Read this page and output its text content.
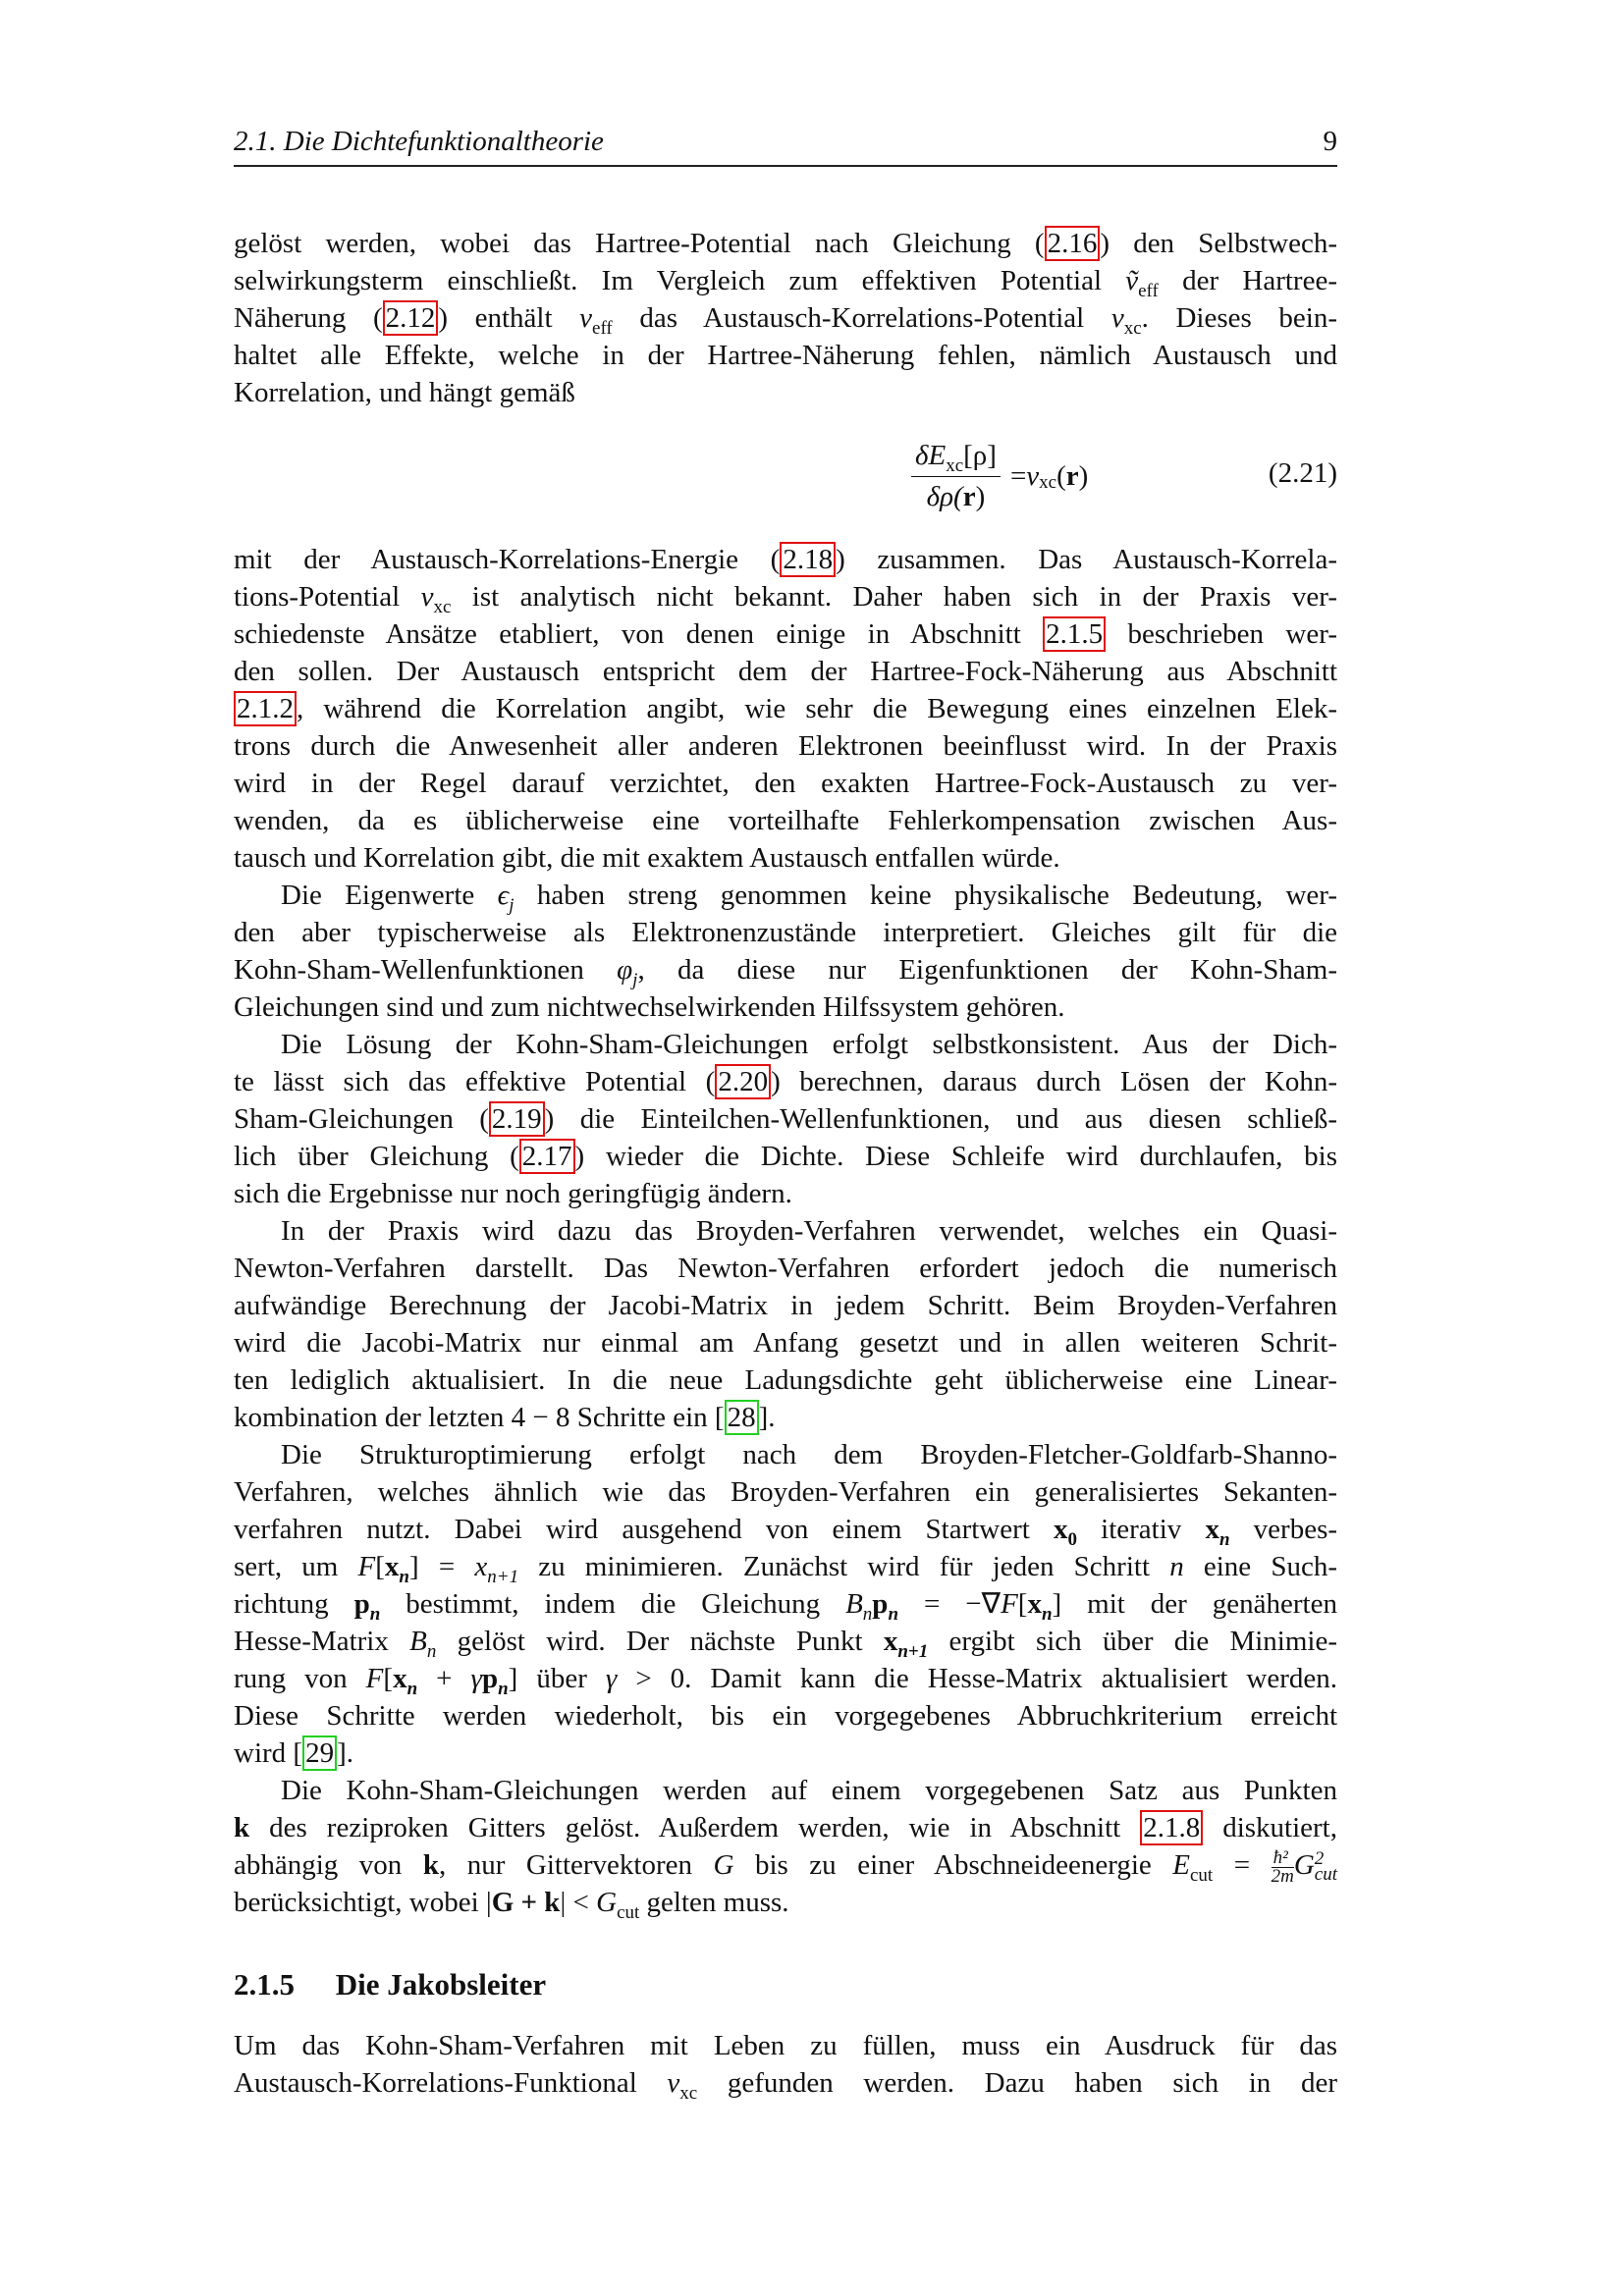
2.1. Die Dichtefunktionaltheorie	9
gelöst werden, wobei das Hartree-Potential nach Gleichung ( 2.16 ) den Selbstwech-
selwirkungsterm einschließt. Im Vergleich zum effektiven Potential ṽ$_{eff}$ der Hartree-
Näherung ( 2.12 ) enthält $v_{eff}$ das Austausch-Korrelations-Potential $v_{xc}$. Dieses bein-
haltet alle Effekte, welche in der Hartree-Näherung fehlen, nämlich Austausch und
Korrelation, und hängt gemäß
$\delta E_{xc}[\rho]$
δρ(r)
= v xc ( r )	(2.21)
mit der Austausch-Korrelations-Energie ( 2.18 ) zusammen. Das Austausch-Korrela-
tions-Potential $v_{xc}$ ist analytisch nicht bekannt. Daher haben sich in der Praxis ver-
schiedenste Ansätze etabliert, von denen einige in Abschnitt 2.1.5 beschrieben wer-
den sollen. Der Austausch entspricht dem der Hartree-Fock-Näherung aus Abschnitt
2.1.2 , während die Korrelation angibt, wie sehr die Bewegung eines einzelnen Elek-
trons durch die Anwesenheit aller anderen Elektronen beeinflusst wird. In der Praxis
wird in der Regel darauf verzichtet, den exakten Hartree-Fock-Austausch zu ver-
wenden, da es üblicherweise eine vorteilhafte Fehlerkompensation zwischen Aus-
tausch und Korrelation gibt, die mit exaktem Austausch entfallen würde.
Die Eigenwerte $\epsilon_j$ haben streng genommen keine physikalische Bedeutung, wer-
den aber typischerweise als Elektronenzustände interpretiert. Gleiches gilt für die
Kohn-Sham-Wellenfunktionen $\varphi_j$, da diese nur Eigenfunktionen der Kohn-Sham-
Gleichungen sind und zum nichtwechselwirkenden Hilfssystem gehören.
Die Lösung der Kohn-Sham-Gleichungen erfolgt selbstkonsistent. Aus der Dich-
te lässt sich das effektive Potential ( 2.20 ) berechnen, daraus durch Lösen der Kohn-
Sham-Gleichungen ( 2.19 ) die Einteilchen-Wellenfunktionen, und aus diesen schließ-
lich über Gleichung ( 2.17 ) wieder die Dichte. Diese Schleife wird durchlaufen, bis
sich die Ergebnisse nur noch geringfügig ändern.
In der Praxis wird dazu das Broyden-Verfahren verwendet, welches ein Quasi-
Newton-Verfahren darstellt. Das Newton-Verfahren erfordert jedoch die numerisch
aufwändige Berechnung der Jacobi-Matrix in jedem Schritt. Beim Broyden-Verfahren
wird die Jacobi-Matrix nur einmal am Anfang gesetzt und in allen weiteren Schrit-
ten lediglich aktualisiert. In die neue Ladungsdichte geht üblicherweise eine Linear-
kombination der letzten 4 − 8 Schritte ein [ 28 ].
Die Strukturoptimierung erfolgt nach dem Broyden-Fletcher-Goldfarb-Shanno-
Verfahren, welches ähnlich wie das Broyden-Verfahren ein generalisiertes Sekanten-
verfahren nutzt. Dabei wird ausgehend von einem Startwert $x_0$ iterativ $x_n$ verbes-
sert, um $F[x_n] = x_{n+1}$ zu minimieren. Zunächst wird für jeden Schritt n eine Such-
richtung $p_n$ bestimmt, indem die Gleichung $B_np_n = -\nabla F[x_n]$ mit der genäherten
Hesse-Matrix $B_n$ gelöst wird. Der nächste Punkt $x_{n+1}$ ergibt sich über die Minimie-
rung von $F[x_n + \gamma p_n]$ über γ > 0. Damit kann die Hesse-Matrix aktualisiert werden.
Diese Schritte werden wiederholt, bis ein vorgegebenes Abbruchkriterium erreicht
wird [ 29 ].
Die Kohn-Sham-Gleichungen werden auf einem vorgegebenen Satz aus Punkten
k des reziproken Gitters gelöst. Außerdem werden, wie in Abschnitt 2.1.8 diskutiert,
abhängig von k, nur Gittervektoren G bis zu einer Abschneideenergie $E_{cut} = \frac{\text{ħ²}}{2m}G$ 2
cut
berücksichtigt, wobei $|G + k| < G_{cut}$ gelten muss.
2.1.5 Die Jakobsleiter
Um das Kohn-Sham-Verfahren mit Leben zu füllen, muss ein Ausdruck für das
Austausch-Korrelations-Funktional $v_{xc}$ gefunden werden. Dazu haben sich in der
